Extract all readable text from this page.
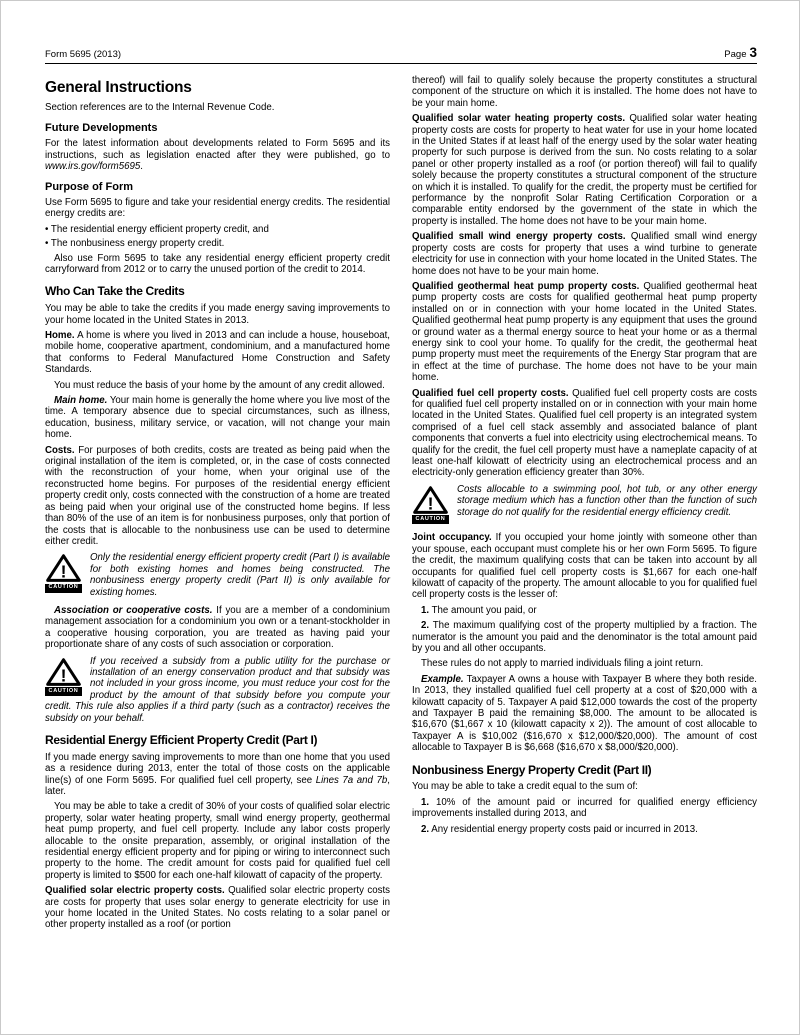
Form 5695 (2013)	Page 3
General Instructions

Section references are to the Internal Revenue Code.

Future Developments

For the latest information about developments related to Form 5695 and its instructions, such as legislation enacted after they were published, go to www.irs.gov/form5695.

Purpose of Form

Use Form 5695 to figure and take your residential energy credits. The residential energy credits are:

• The residential energy efficient property credit, and

• The nonbusiness energy property credit.

Also use Form 5695 to take any residential energy efficient property credit carryforward from 2012 or to carry the unused portion of the credit to 2014.

Who Can Take the Credits

You may be able to take the credits if you made energy saving improvements to your home located in the United States in 2013.

Home. A home is where you lived in 2013 and can include a house, houseboat, mobile home, cooperative apartment, condominium, and a manufactured home that conforms to Federal Manufactured Home Construction and Safety Standards.

You must reduce the basis of your home by the amount of any credit allowed.

Main home. Your main home is generally the home where you live most of the time. A temporary absence due to special circumstances, such as illness, education, business, military service, or vacation, will not change your main home.

Costs. For purposes of both credits, costs are treated as being paid when the original installation of the item is completed, or, in the case of costs connected with the reconstruction of your home, when your original use of the reconstructed home begins. For purposes of the residential energy efficient property credit only, costs connected with the construction of a home are treated as being paid when your original use of the constructed home begins. If less than 80% of the use of an item is for nonbusiness purposes, only that portion of the costs that is allocable to the nonbusiness use can be used to determine either credit.

!
CAUTION

Only the residential energy efficient property credit (Part I) is available for both existing homes and homes being constructed. The nonbusiness energy property credit (Part II) is only available for existing homes.

Association or cooperative costs. If you are a member of a condominium management association for a condominium you own or a tenant-stockholder in a cooperative housing corporation, you are treated as having paid your proportionate share of any costs of such association or corporation.

!
CAUTION

If you received a subsidy from a public utility for the purchase or installation of an energy conservation product and that subsidy was not included in your gross income, you must reduce your cost for the product by the amount of that subsidy before you compute your credit. This rule also applies if a third party (such as a contractor) receives the subsidy on your behalf.

Residential Energy Efficient Property Credit (Part I)

If you made energy saving improvements to more than one home that you used as a residence during 2013, enter the total of those costs on the applicable line(s) of one Form 5695. For qualified fuel cell property, see Lines 7a and 7b, later.

You may be able to take a credit of 30% of your costs of qualified solar electric property, solar water heating property, small wind energy property, geothermal heat pump property, and fuel cell property. Include any labor costs properly allocable to the onsite preparation, assembly, or original installation of the residential energy efficient property and for piping or wiring to interconnect such property to the home. The credit amount for costs paid for qualified fuel cell property is limited to $500 for each one-half kilowatt of capacity of the property.

Qualified solar electric property costs. Qualified solar electric property costs are costs for property that uses solar energy to generate electricity for use in your home located in the United States. No costs relating to a solar panel or other property installed as a roof (or portion

thereof) will fail to qualify solely because the property constitutes a structural component of the structure on which it is installed. The home does not have to be your main home.

Qualified solar water heating property costs. Qualified solar water heating property costs are costs for property to heat water for use in your home located in the United States if at least half of the energy used by the solar water heating property for such purpose is derived from the sun. No costs relating to a solar panel or other property installed as a roof (or portion thereof) will fail to qualify solely because the property constitutes a structural component of the structure on which it is installed. To qualify for the credit, the property must be certified for performance by the nonprofit Solar Rating Certification Corporation or a comparable entity endorsed by the government of the state in which the property is installed. The home does not have to be your main home.

Qualified small wind energy property costs. Qualified small wind energy property costs are costs for property that uses a wind turbine to generate electricity for use in connection with your home located in the United States. The home does not have to be your main home.

Qualified geothermal heat pump property costs. Qualified geothermal heat pump property costs are costs for qualified geothermal heat pump property installed on or in connection with your home located in the United States. Qualified geothermal heat pump property is any equipment that uses the ground or ground water as a thermal energy source to heat your home or as a thermal energy sink to cool your home. To qualify for the credit, the geothermal heat pump property must meet the requirements of the Energy Star program that are in effect at the time of purchase. The home does not have to be your main home.

Qualified fuel cell property costs. Qualified fuel cell property costs are costs for qualified fuel cell property installed on or in connection with your main home located in the United States. Qualified fuel cell property is an integrated system comprised of a fuel cell stack assembly and associated balance of plant components that converts a fuel into electricity using electrochemical means. To qualify for the credit, the fuel cell property must have a nameplate capacity of at least one-half kilowatt of electricity using an electrochemical process and an electricity-only generation efficiency greater than 30%.

!
CAUTION

Costs allocable to a swimming pool, hot tub, or any other energy storage medium which has a function other than the function of such storage do not qualify for the residential energy efficiency credit.

Joint occupancy. If you occupied your home jointly with someone other than your spouse, each occupant must complete his or her own Form 5695. To figure the credit, the maximum qualifying costs that can be taken into account by all occupants for qualified fuel cell property costs is $1,667 for each one-half kilowatt of capacity of the property. The amount allocable to you for qualified fuel cell property costs is the lesser of:

1. The amount you paid, or

2. The maximum qualifying cost of the property multiplied by a fraction. The numerator is the amount you paid and the denominator is the total amount paid by you and all other occupants.

These rules do not apply to married individuals filing a joint return.

Example. Taxpayer A owns a house with Taxpayer B where they both reside. In 2013, they installed qualified fuel cell property at a cost of $20,000 with a kilowatt capacity of 5. Taxpayer A paid $12,000 towards the cost of the property and Taxpayer B paid the remaining $8,000. The amount to be allocated is $16,670 ($1,667 x 10 (kilowatt capacity x 2)). The amount of cost allocable to Taxpayer A is $10,002 ($16,670 x $12,000/$20,000). The amount of cost allocable to Taxpayer B is $6,668 ($16,670 x $8,000/$20,000).

Nonbusiness Energy Property Credit (Part II)

You may be able to take a credit equal to the sum of:

1. 10% of the amount paid or incurred for qualified energy efficiency improvements installed during 2013, and

2. Any residential energy property costs paid or incurred in 2013.
